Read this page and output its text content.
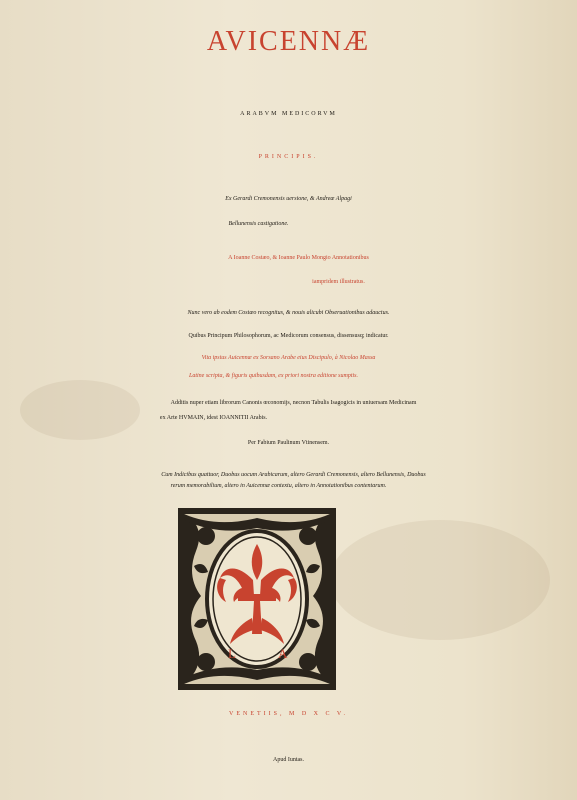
AVICENNÆ
ARABVM MEDICORVM
PRINCIPIS.
Ex Gerardi Cremonensis uersione, & Andreæ Alpagi
Bellunensis castigatione.
A Ioanne Costæo, & Ioanne Paulo Mongio Annotationibus
iampridem illustratus.
Nunc vero ab eodem Costæo recognitus, & nouis alicubi Obseruationibus adauctus.
Quibus Principum Philosophorum, ac Medicorum consensus, dissensusq; indicatur.
Vita ipsius Auicennæ ex Sorsano Arabe eius Discipulo, à Nicolao Massa
Latine scripta, & figuris quibusdam, ex priori nostra editione sumptis.
Additis nuper etiam librorum Canonis œconomijs, necnon Tabulis Isagogicis in uniuersam Medicinam
ex Arte HVMAIN, idest IOANNITII Arabis.
Per Fabium Paulinum Vtinensem.
Cum Indicibus quattuor, Duobus uocum Arabicarum, altero Gerardi Cremonensis, altero Bellunensis, Duobus
rerum memorabilium, altero in Auicennæ contextu, altero in Annotationibus contentarum.
L	A
VENETIIS, M D X C V.
Apud Iuntas.
